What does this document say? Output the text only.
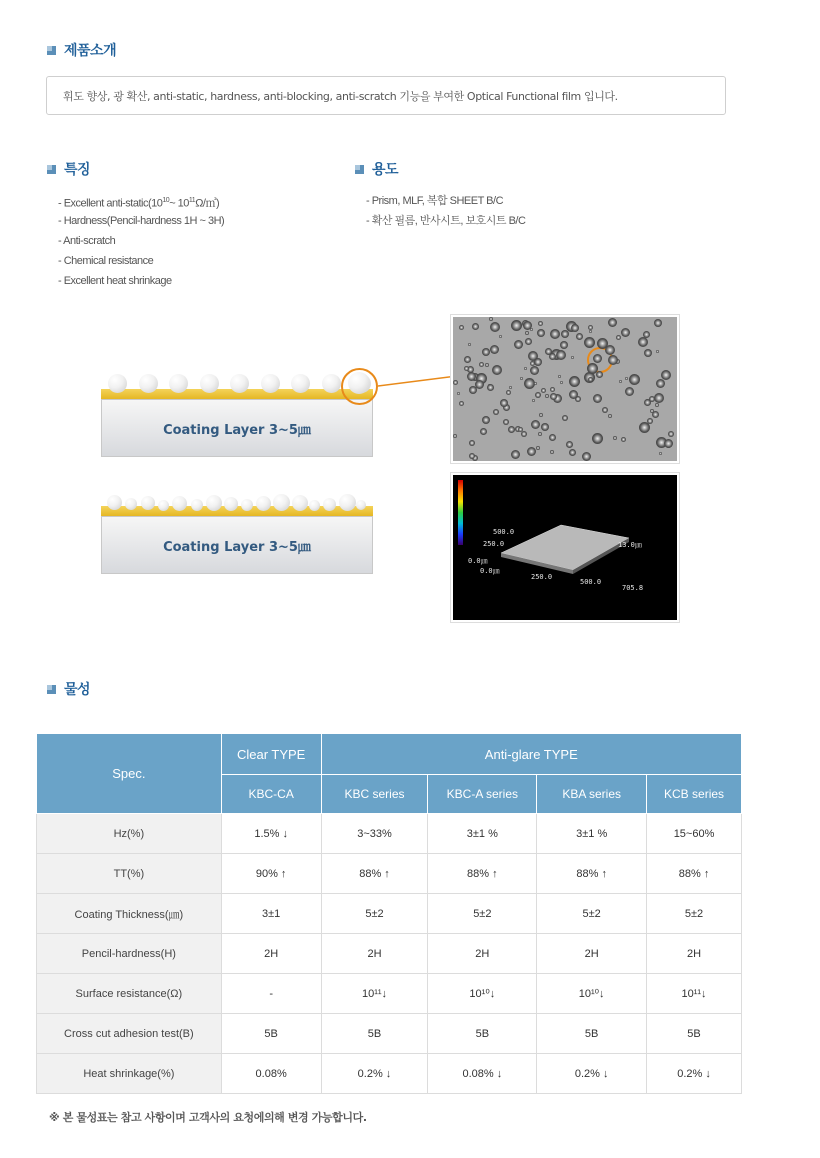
제품소개
휘도 향상, 광 확산, anti-static, hardness, anti-blocking, anti-scratch 기능을 부여한 Optical Functional film 입니다.
특징
- Excellent anti-$static(10^{10}\sim$ $10^{11}\Omega/㎡$)
- Hardness(Pencil-hardness 1H ~ 3H)
- Anti-scratch
- Chemical resistance
- Excellent heat shrinkage
용도
- Prism, MLF, 복합 SHEET B/C
- 확산 필름, 반사시트, 보호시트 B/C
Coating Layer 3~5㎛
Coating Layer 3~5㎛
500.0
250.0
0.0㎛
0.0㎛
250.0
500.0
705.8
13.0㎛
물성
Spec.	Clear TYPE	Anti-glare TYPE			
	KBC-CA	KBC series	KBC-A series	KBA series	KCB series
Hz(%)	1.5% ↓	3~33%	3±1 %	3±1 %	15~60%
TT(%)	90% ↑	88% ↑	88% ↑	88% ↑	88% ↑
Coating Thickness(㎛)	3±1	5±2	5±2	5±2	5±2
Pencil-hardness(H)	2H	2H	2H	2H	2H
Surface resistance(Ω)	-	10¹¹↓	10¹⁰↓	10¹⁰↓	10¹¹↓
Cross cut adhesion test(B)	5B	5B	5B	5B	5B
Heat shrinkage(%)	0.08%	0.2% ↓	0.08% ↓	0.2% ↓	0.2% ↓
※ 본 물성표는 참고 사항이며 고객사의 요청에의해 변경 가능합니다.
